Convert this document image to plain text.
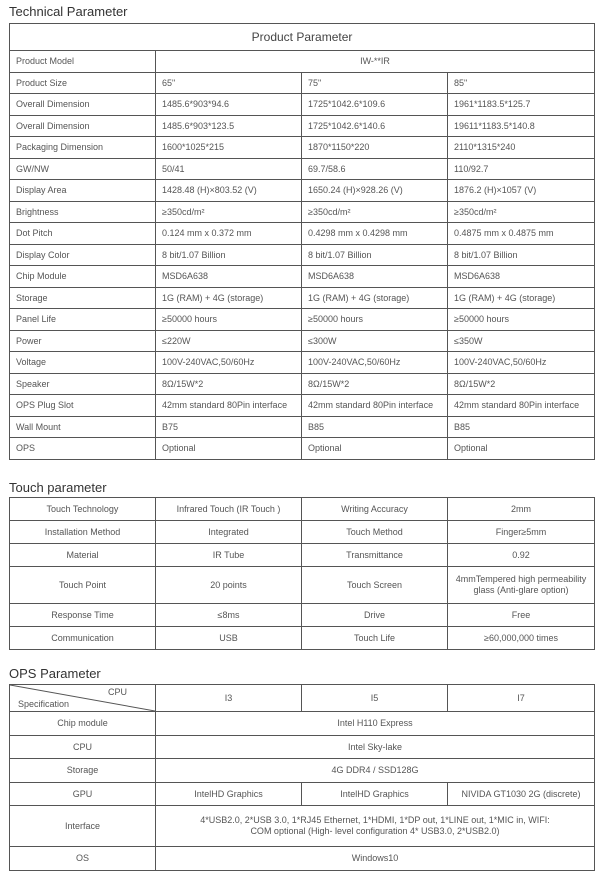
Technical Parameter
Product Parameter			
Product Model	IW-**IR		
Product Size	65"	75"	85"
Overall Dimension	1485.6*903*94.6	1725*1042.6*109.6	1961*1183.5*125.7
Overall Dimension	1485.6*903*123.5	1725*1042.6*140.6	19611*1183.5*140.8
Packaging Dimension	1600*1025*215	1870*1150*220	2110*1315*240
GW/NW	50/41	69.7/58.6	110/92.7
Display Area	1428.48 (H)×803.52 (V)	1650.24 (H)×928.26 (V)	1876.2 (H)×1057 (V)
Brightness	≥350cd/m²	≥350cd/m²	≥350cd/m²
Dot Pitch	0.124 mm x 0.372 mm	0.4298 mm x 0.4298 mm	0.4875 mm x 0.4875 mm
Display Color	8 bit/1.07 Billion	8 bit/1.07 Billion	8 bit/1.07 Billion
Chip Module	MSD6A638	MSD6A638	MSD6A638
Storage	1G (RAM) + 4G (storage)	1G (RAM) + 4G (storage)	1G (RAM) + 4G (storage)
Panel Life	≥50000 hours	≥50000 hours	≥50000 hours
Power	≤220W	≤300W	≤350W
Voltage	100V-240VAC,50/60Hz	100V-240VAC,50/60Hz	100V-240VAC,50/60Hz
Speaker	8Ω/15W*2	8Ω/15W*2	8Ω/15W*2
OPS Plug Slot	42mm standard 80Pin interface	42mm standard 80Pin interface	42mm standard 80Pin interface
Wall Mount	B75	B85	B85
OPS	Optional	Optional	Optional
Touch parameter
Touch Technology	Infrared Touch (IR Touch )	Writing Accuracy	2mm
Installation Method	Integrated	Touch Method	Finger≥5mm
Material	IR Tube	Transmittance	0.92
Touch Point	20 points	Touch Screen	4mmTempered high permeability glass (Anti-glare option)
Response Time	≤8ms	Drive	Free
Communication	USB	Touch Life	≥60,000,000 times
OPS Parameter
CPU
Specification	I3	I5	I7
Chip module	Intel H110 Express		
CPU	Intel Sky-lake		
Storage	4G DDR4 / SSD128G		
GPU	IntelHD Graphics	IntelHD Graphics	NIVIDA GT1030 2G (discrete)
Interface	4*USB2.0, 2*USB 3.0, 1*RJ45 Ethernet, 1*HDMI, 1*DP out, 1*LINE out, 1*MIC in, WIFI: COM optional (High- level configuration 4* USB3.0, 2*USB2.0)		
OS	Windows10		
